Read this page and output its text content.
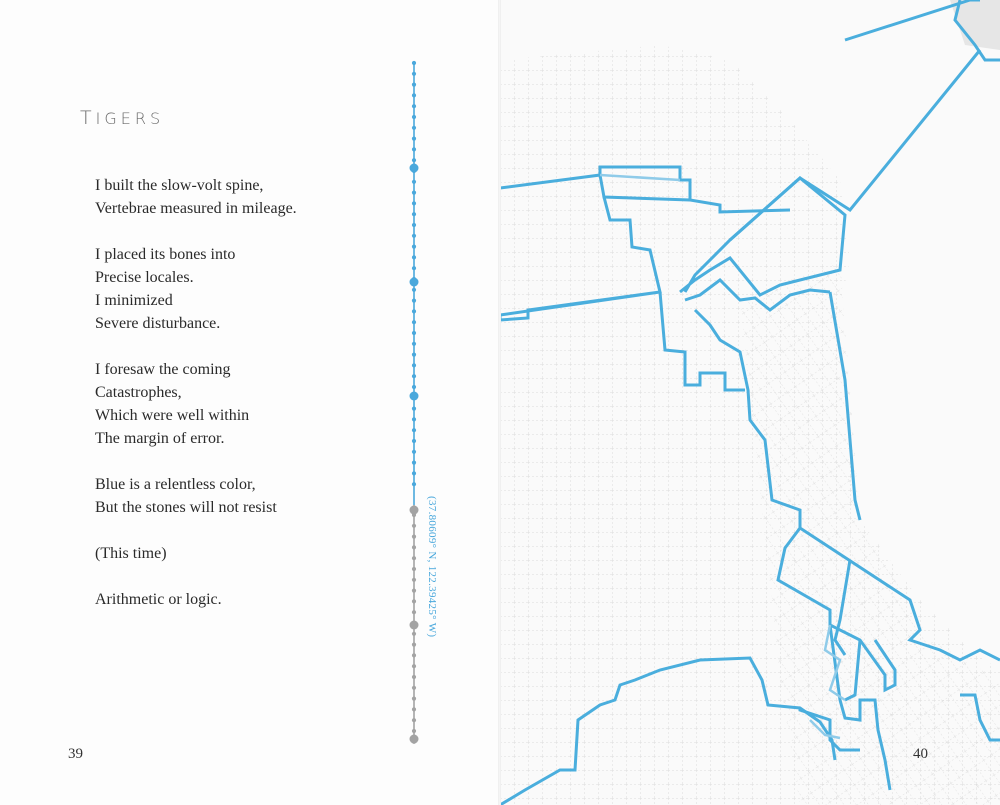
TIGERS
I built the slow-volt spine,
Vertebrae measured in mileage.
I placed its bones into
Precise locales.
I minimized
Severe disturbance.
I foresaw the coming
Catastrophes,
Which were well within
The margin of error.
Blue is a relentless color,
But the stones will not resist
(This time)
Arithmetic or logic.	(37.80609° N, 122.39425° W)
39	40
